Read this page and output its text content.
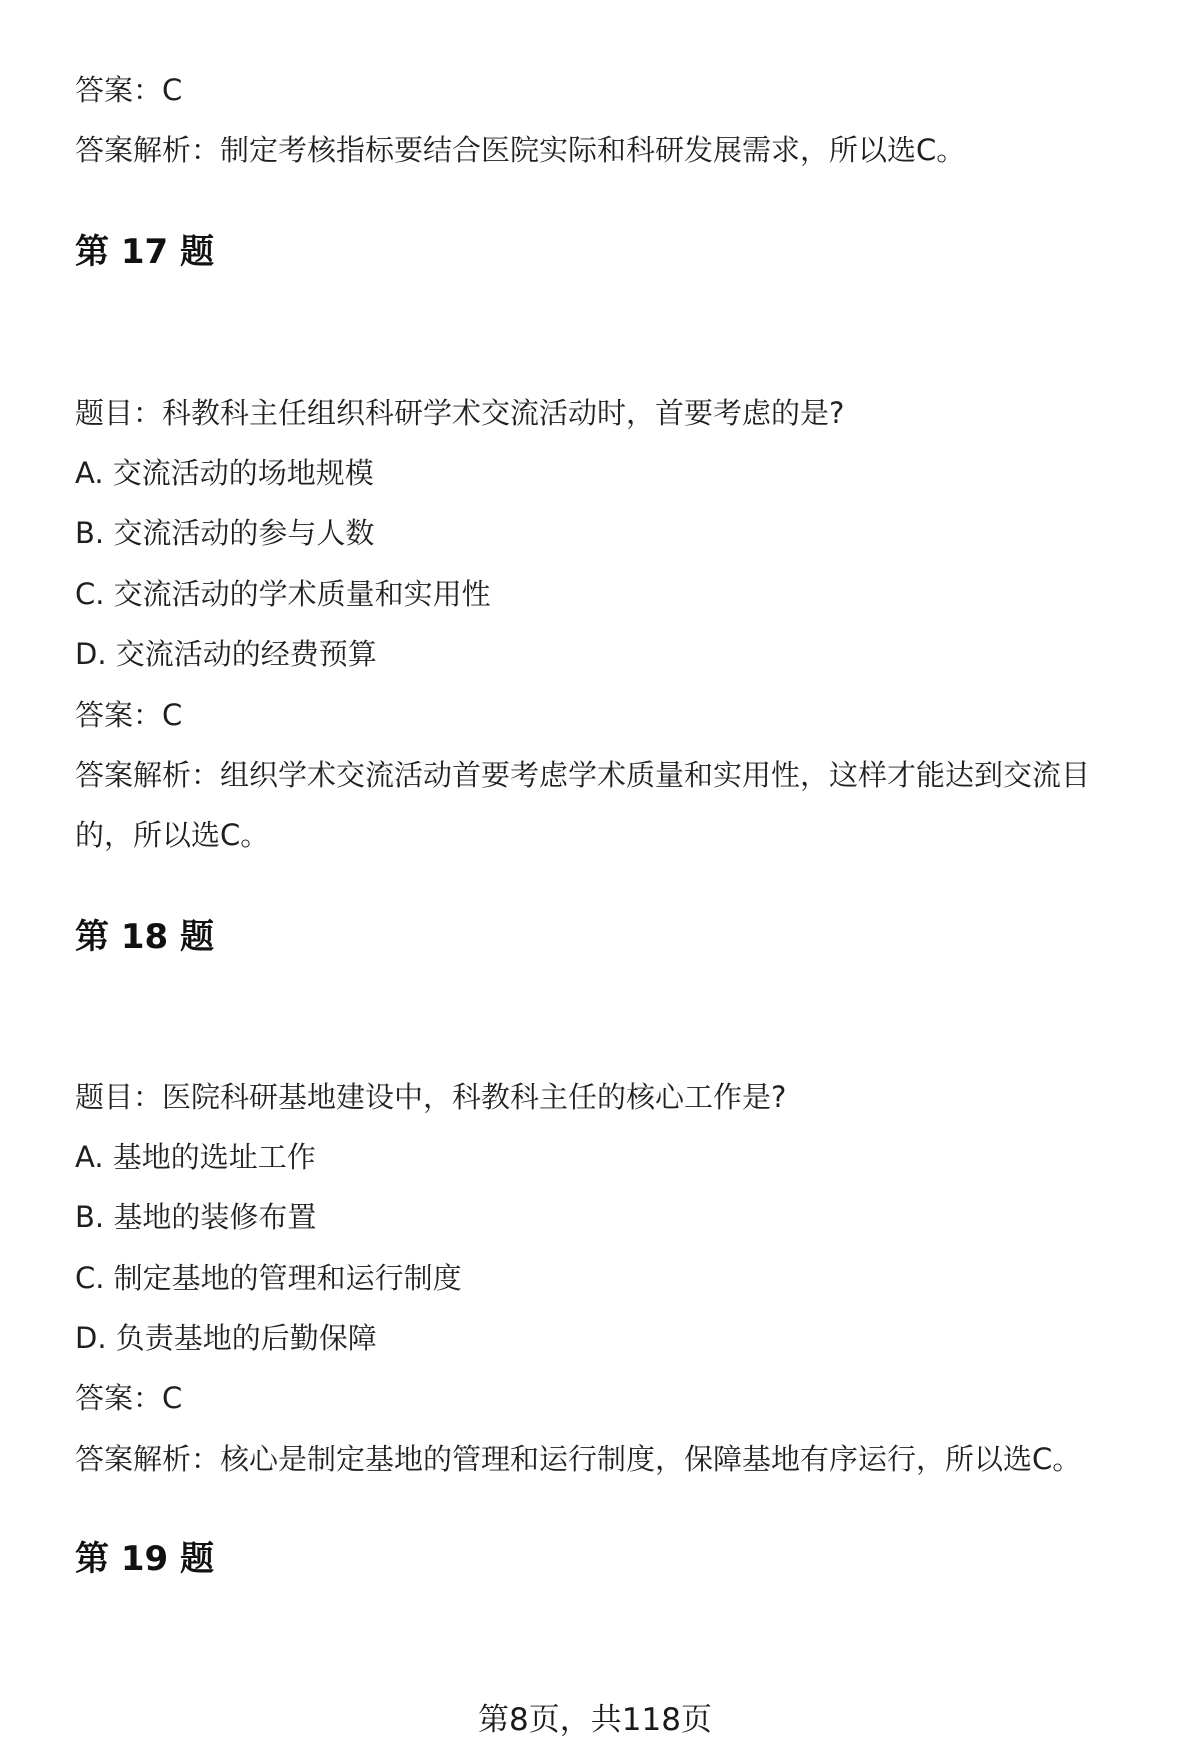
答案：C
答案解析：制定考核指标要结合医院实际和科研发展需求，所以选C。
第 17 题
题目：科教科主任组织科研学术交流活动时，首要考虑的是?
A. 交流活动的场地规模
B. 交流活动的参与人数
C. 交流活动的学术质量和实用性
D. 交流活动的经费预算
答案：C
答案解析：组织学术交流活动首要考虑学术质量和实用性，这样才能达到交流目
的，所以选C。
第 18 题
题目：医院科研基地建设中，科教科主任的核心工作是?
A. 基地的选址工作
B. 基地的装修布置
C. 制定基地的管理和运行制度
D. 负责基地的后勤保障
答案：C
答案解析：核心是制定基地的管理和运行制度，保障基地有序运行，所以选C。
第 19 题
第8页，共118页
